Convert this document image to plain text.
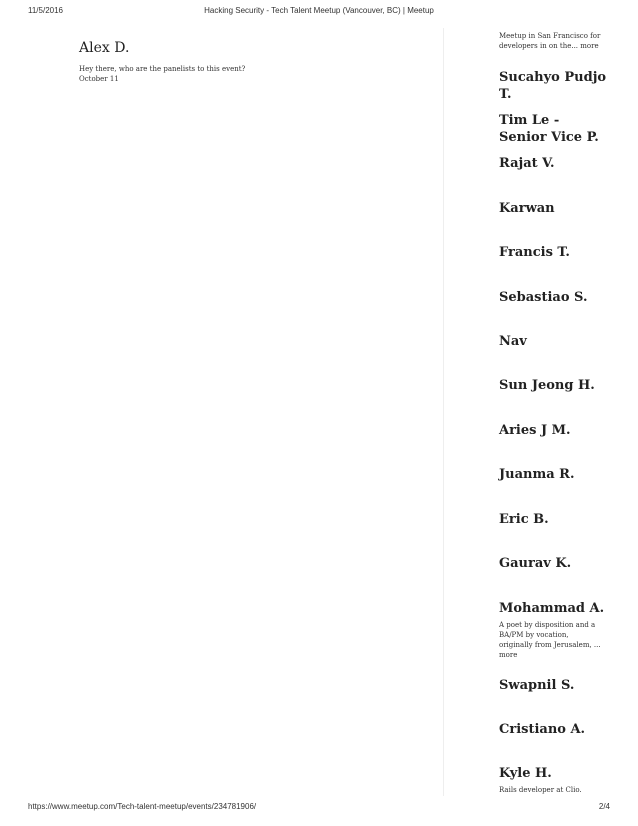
11/5/2016	Hacking Security - Tech Talent Meetup (Vancouver, BC) | Meetup
Alex D.
Hey there, who are the panelists to this event?
October 11
Meetup in San Francisco for developers in on the... more
Sucahyo Pudjo T.
Tim Le - Senior Vice P.
Rajat V.
Karwan
Francis T.
Sebastiao S.
Nav
Sun Jeong H.
Aries J M.
Juanma R.
Eric B.
Gaurav K.
Mohammad A.
A poet by disposition and a BA/PM by vocation, originally from Jerusalem, ... more
Swapnil S.
Cristiano A.
Kyle H.
Rails developer at Clio.
https://www.meetup.com/Tech-talent-meetup/events/234781906/	2/4
